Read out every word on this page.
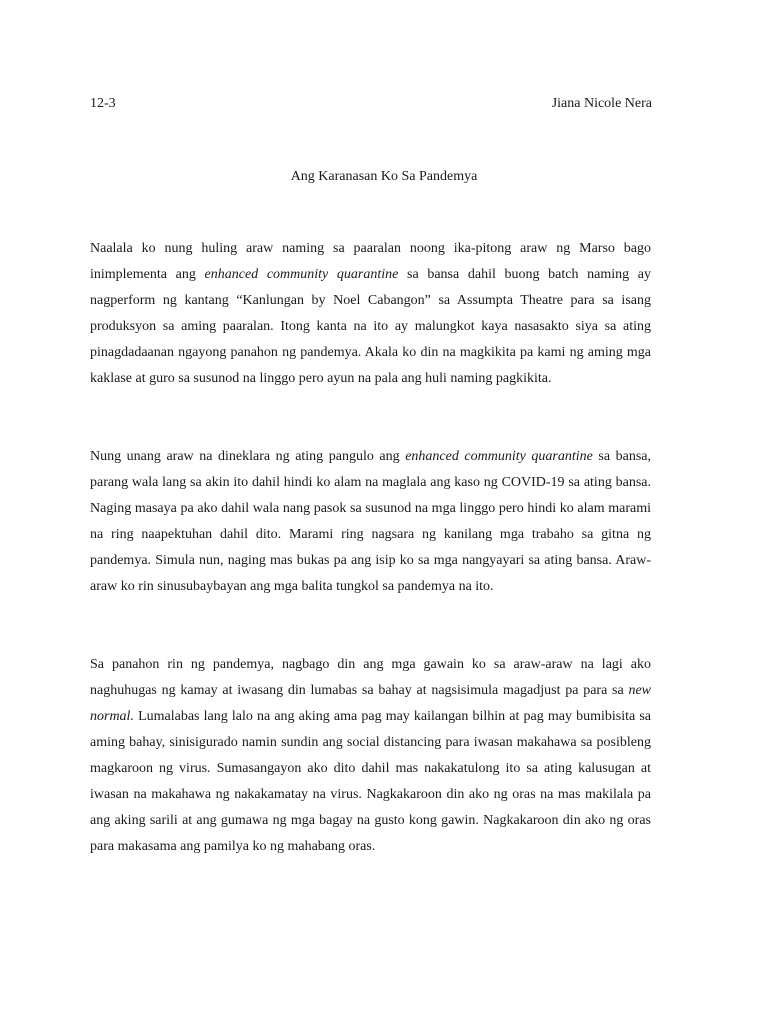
12-3	Jiana Nicole Nera
Ang Karanasan Ko Sa Pandemya

Naalala ko nung huling araw naming sa paaralan noong ika-pitong araw ng Marso bago inimplementa ang enhanced community quarantine sa bansa dahil buong batch naming ay nagperform ng kantang “Kanlungan by Noel Cabangon” sa Assumpta Theatre para sa isang produksyon sa aming paaralan. Itong kanta na ito ay malungkot kaya nasasakto siya sa ating pinagdadaanan ngayong panahon ng pandemya. Akala ko din na magkikita pa kami ng aming mga kaklase at guro sa susunod na linggo pero ayun na pala ang huli naming pagkikita.

Nung unang araw na dineklara ng ating pangulo ang enhanced community quarantine sa bansa, parang wala lang sa akin ito dahil hindi ko alam na maglala ang kaso ng COVID-19 sa ating bansa. Naging masaya pa ako dahil wala nang pasok sa susunod na mga linggo pero hindi ko alam marami na ring naapektuhan dahil dito. Marami ring nagsara ng kanilang mga trabaho sa gitna ng pandemya. Simula nun, naging mas bukas pa ang isip ko sa mga nangyayari sa ating bansa. Araw-araw ko rin sinusubaybayan ang mga balita tungkol sa pandemya na ito.

Sa panahon rin ng pandemya, nagbago din ang mga gawain ko sa araw-araw na lagi ako naghuhugas ng kamay at iwasang din lumabas sa bahay at nagsisimula magadjust pa para sa new normal. Lumalabas lang lalo na ang aking ama pag may kailangan bilhin at pag may bumibisita sa aming bahay, sinisigurado namin sundin ang social distancing para iwasan makahawa sa posibleng magkaroon ng virus. Sumasangayon ako dito dahil mas nakakatulong ito sa ating kalusugan at iwasan na makahawa ng nakakamatay na virus. Nagkakaroon din ako ng oras na mas makilala pa ang aking sarili at ang gumawa ng mga bagay na gusto kong gawin. Nagkakaroon din ako ng oras para makasama ang pamilya ko ng mahabang oras.
